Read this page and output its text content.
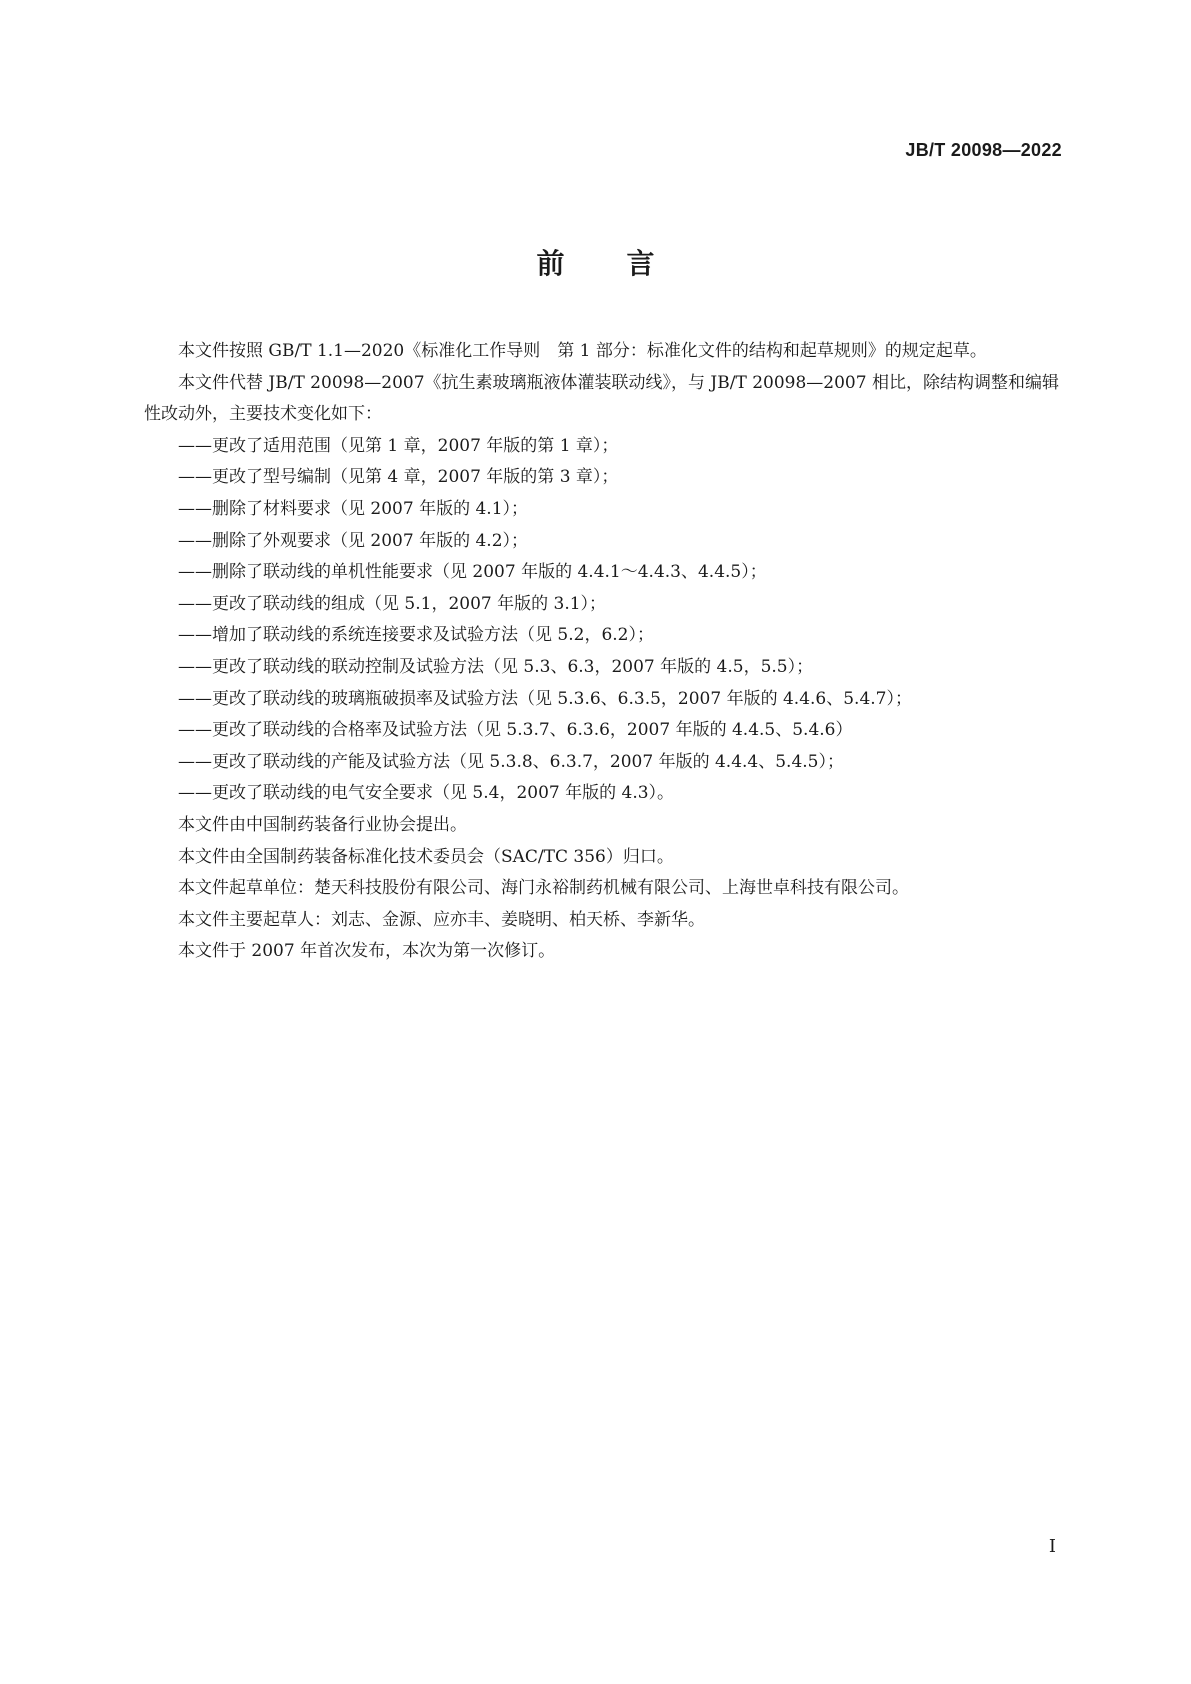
JB/T 20098—2022
前言

本文件按照 GB/T 1.1—2020《标准化工作导则　第 1 部分：标准化文件的结构和起草规则》的规定起草。

本文件代替 JB/T 20098—2007《抗生素玻璃瓶液体灌装联动线》，与 JB/T 20098—2007 相比，除结构调整和编辑性改动外，主要技术变化如下：

——更改了适用范围（见第 1 章，2007 年版的第 1 章）；

——更改了型号编制（见第 4 章，2007 年版的第 3 章）；

——删除了材料要求（见 2007 年版的 4.1）；

——删除了外观要求（见 2007 年版的 4.2）；

——删除了联动线的单机性能要求（见 2007 年版的 4.4.1～4.4.3、4.4.5）；

——更改了联动线的组成（见 5.1，2007 年版的 3.1）；

——增加了联动线的系统连接要求及试验方法（见 5.2，6.2）；

——更改了联动线的联动控制及试验方法（见 5.3、6.3，2007 年版的 4.5，5.5）；

——更改了联动线的玻璃瓶破损率及试验方法（见 5.3.6、6.3.5，2007 年版的 4.4.6、5.4.7）；

——更改了联动线的合格率及试验方法（见 5.3.7、6.3.6，2007 年版的 4.4.5、5.4.6）

——更改了联动线的产能及试验方法（见 5.3.8、6.3.7，2007 年版的 4.4.4、5.4.5）；

——更改了联动线的电气安全要求（见 5.4，2007 年版的 4.3）。

本文件由中国制药装备行业协会提出。

本文件由全国制药装备标准化技术委员会（SAC/TC 356）归口。

本文件起草单位：楚天科技股份有限公司、海门永裕制药机械有限公司、上海世卓科技有限公司。

本文件主要起草人：刘志、金源、应亦丰、姜晓明、柏天桥、李新华。

本文件于 2007 年首次发布，本次为第一次修订。

I
